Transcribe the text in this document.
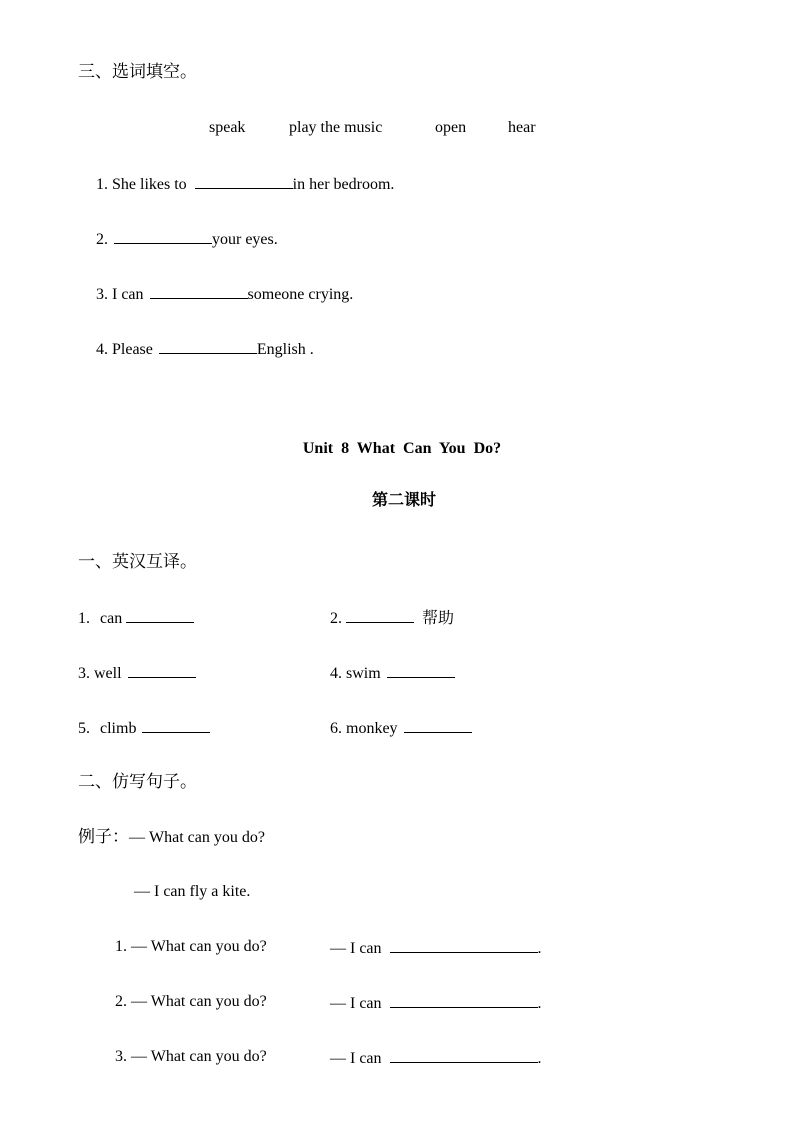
三、选词填空。
speak	play the music	open	hear
1. She likes to	in her bedroom.
2.	your eyes.
3. I can	someone crying.
4. Please	English .
Unit  8  What  Can  You  Do?
第二课时
一、英汉互译。
1. can	2.	帮助
3. well	4. swim
5. climb	6. monkey
二、仿写句子。
例子：— What can you do?
— I can fly a kite.
1. — What can you do?	— I can	.
2. — What can you do?	— I can	.
3. — What can you do?	— I can	.
